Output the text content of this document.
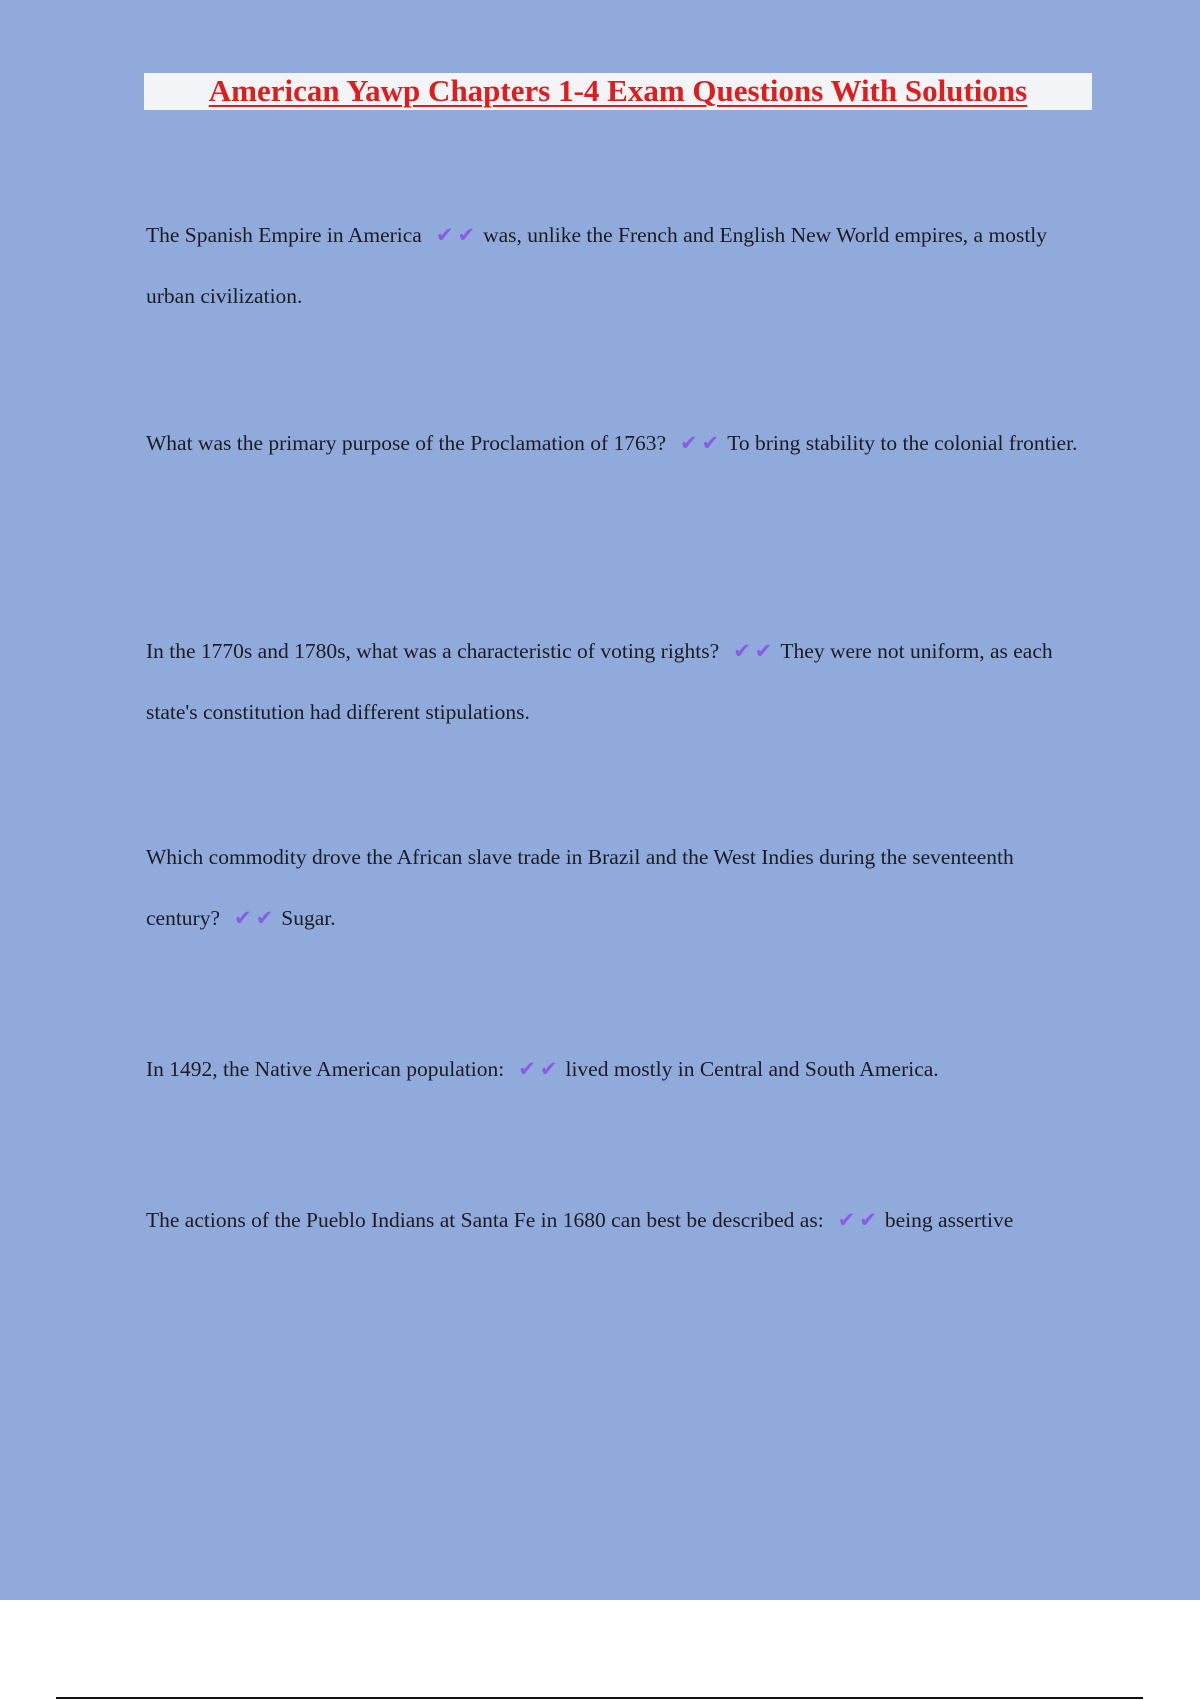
American Yawp Chapters 1-4 Exam Questions With Solutions
The Spanish Empire in America ✔ ✔ was, unlike the French and English New World empires, a mostly urban civilization.
What was the primary purpose of the Proclamation of 1763? ✔ ✔ To bring stability to the colonial frontier.
In the 1770s and 1780s, what was a characteristic of voting rights? ✔ ✔ They were not uniform, as each state's constitution had different stipulations.
Which commodity drove the African slave trade in Brazil and the West Indies during the seventeenth century? ✔ ✔ Sugar.
In 1492, the Native American population: ✔ ✔ lived mostly in Central and South America.
The actions of the Pueblo Indians at Santa Fe in 1680 can best be described as: ✔ ✔ being assertive
